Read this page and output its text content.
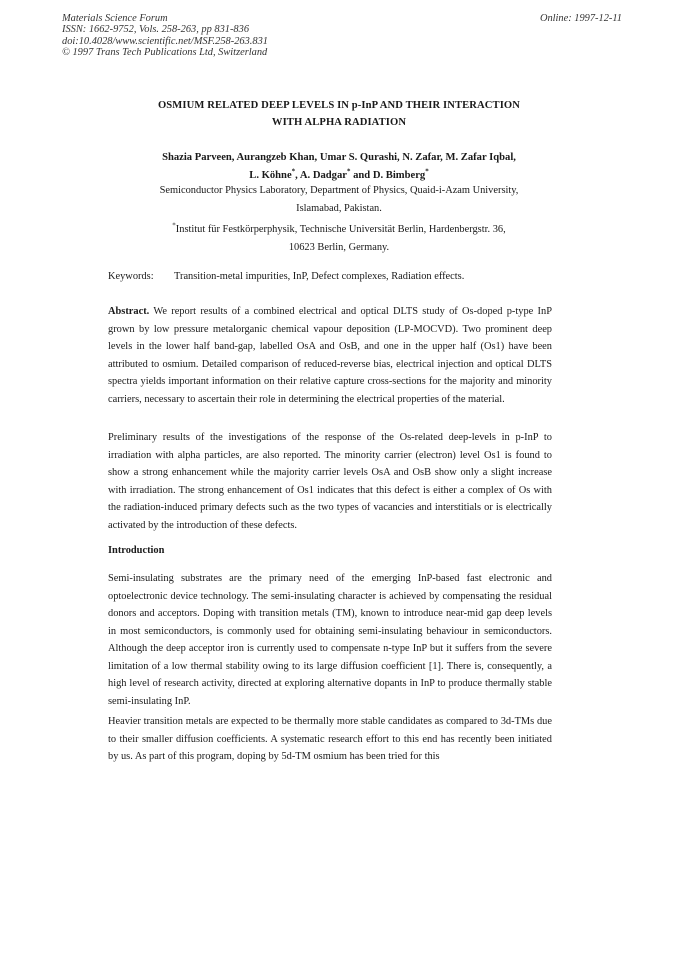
Materials Science Forum
ISSN: 1662-9752, Vols. 258-263, pp 831-836
doi:10.4028/www.scientific.net/MSF.258-263.831
© 1997 Trans Tech Publications Ltd, Switzerland
Online: 1997-12-11
OSMIUM RELATED DEEP LEVELS IN p-InP AND THEIR INTERACTION
WITH ALPHA RADIATION
Shazia Parveen, Aurangzeb Khan, Umar S. Qurashi, N. Zafar, M. Zafar Iqbal,
L. Köhne*, A. Dadgar* and D. Bimberg*
Semiconductor Physics Laboratory, Department of Physics, Quaid-i-Azam University,
Islamabad, Pakistan.
*Institut für Festkörperphysik, Technische Universität Berlin, Hardenbergstr. 36,
10623 Berlin, Germany.
Keywords: Transition-metal impurities, InP, Defect complexes, Radiation effects.
Abstract. We report results of a combined electrical and optical DLTS study of Os-doped p-type InP grown by low pressure metalorganic chemical vapour deposition (LP-MOCVD). Two prominent deep levels in the lower half band-gap, labelled OsA and OsB, and one in the upper half (Os1) have been attributed to osmium. Detailed comparison of reduced-reverse bias, electrical injection and optical DLTS spectra yields important information on their relative capture cross-sections for the majority and minority carriers, necessary to ascertain their role in determining the electrical properties of the material.
Preliminary results of the investigations of the response of the Os-related deep-levels in p-InP to irradiation with alpha particles, are also reported. The minority carrier (electron) level Os1 is found to show a strong enhancement while the majority carrier levels OsA and OsB show only a slight increase with irradiation. The strong enhancement of Os1 indicates that this defect is either a complex of Os with the radiation-induced primary defects such as the two types of vacancies and interstitials or is electrically activated by the introduction of these defects.
Introduction
Semi-insulating substrates are the primary need of the emerging InP-based fast electronic and optoelectronic device technology. The semi-insulating character is achieved by compensating the residual donors and acceptors. Doping with transition metals (TM), known to introduce near-mid gap deep levels in most semiconductors, is commonly used for obtaining semi-insulating behaviour in semiconductors. Although the deep acceptor iron is currently used to compensate n-type InP but it suffers from the severe limitation of a low thermal stability owing to its large diffusion coefficient [1]. There is, consequently, a high level of research activity, directed at exploring alternative dopants in InP to produce thermally stable semi-insulating InP.
Heavier transition metals are expected to be thermally more stable candidates as compared to 3d-TMs due to their smaller diffusion coefficients. A systematic research effort to this end has recently been initiated by us. As part of this program, doping by 5d-TM osmium has been tried for this
